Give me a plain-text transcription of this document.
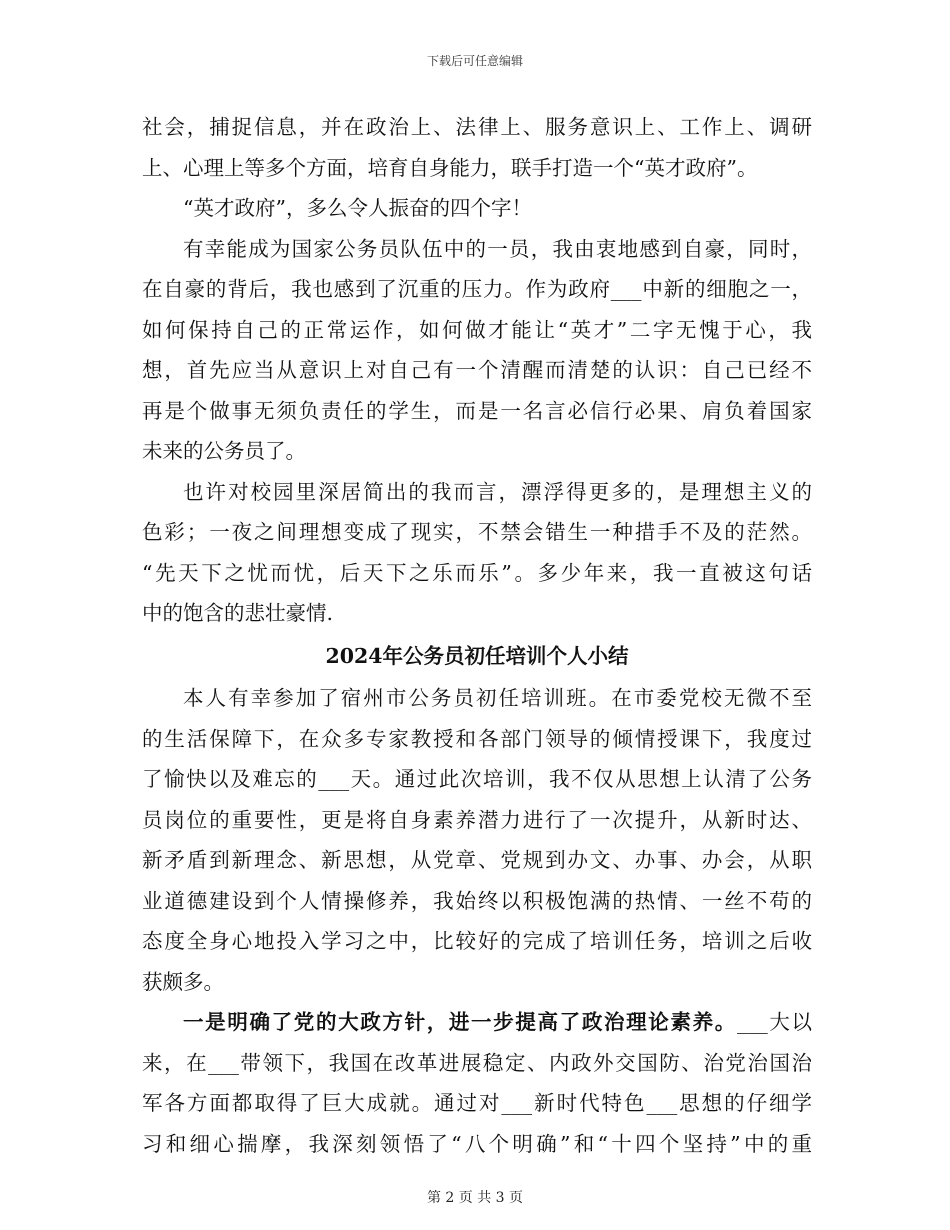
下载后可任意编辑

社会，捕捉信息，并在政治上、法律上、服务意识上、工作上、调研
上、心理上等多个方面，培育自身能力，联手打造一个“英才政府”。

“英才政府”，多么令人振奋的四个字！

有幸能成为国家公务员队伍中的一员，我由衷地感到自豪，同时，
在自豪的背后，我也感到了沉重的压力。作为政府___中新的细胞之一，
如何保持自己的正常运作，如何做才能让“英才”二字无愧于心，我
想，首先应当从意识上对自己有一个清醒而清楚的认识：自己已经不
再是个做事无须负责任的学生，而是一名言必信行必果、肩负着国家
未来的公务员了。

也许对校园里深居简出的我而言，漂浮得更多的，是理想主义的
色彩；一夜之间理想变成了现实，不禁会错生一种措手不及的茫然。
“先天下之忧而忧，后天下之乐而乐”。多少年来，我一直被这句话
中的饱含的悲壮豪情.

2024年公务员初任培训个人小结

本人有幸参加了宿州市公务员初任培训班。在市委党校无微不至
的生活保障下，在众多专家教授和各部门领导的倾情授课下，我度过
了愉快以及难忘的___天。通过此次培训，我不仅从思想上认清了公务
员岗位的重要性，更是将自身素养潜力进行了一次提升，从新时达、
新矛盾到新理念、新思想，从党章、党规到办文、办事、办会，从职
业道德建设到个人情操修养，我始终以积极饱满的热情、一丝不苟的
态度全身心地投入学习之中，比较好的完成了培训任务，培训之后收
获颇多。

一是明确了党的大政方针，进一步提高了政治理论素养。___大以
来，在___带领下，我国在改革进展稳定、内政外交国防、治党治国治
军各方面都取得了巨大成就。通过对___新时代特色___思想的仔细学
习和细心揣摩，我深刻领悟了“八个明确”和“十四个坚持”中的重

第 2 页 共 3 页
